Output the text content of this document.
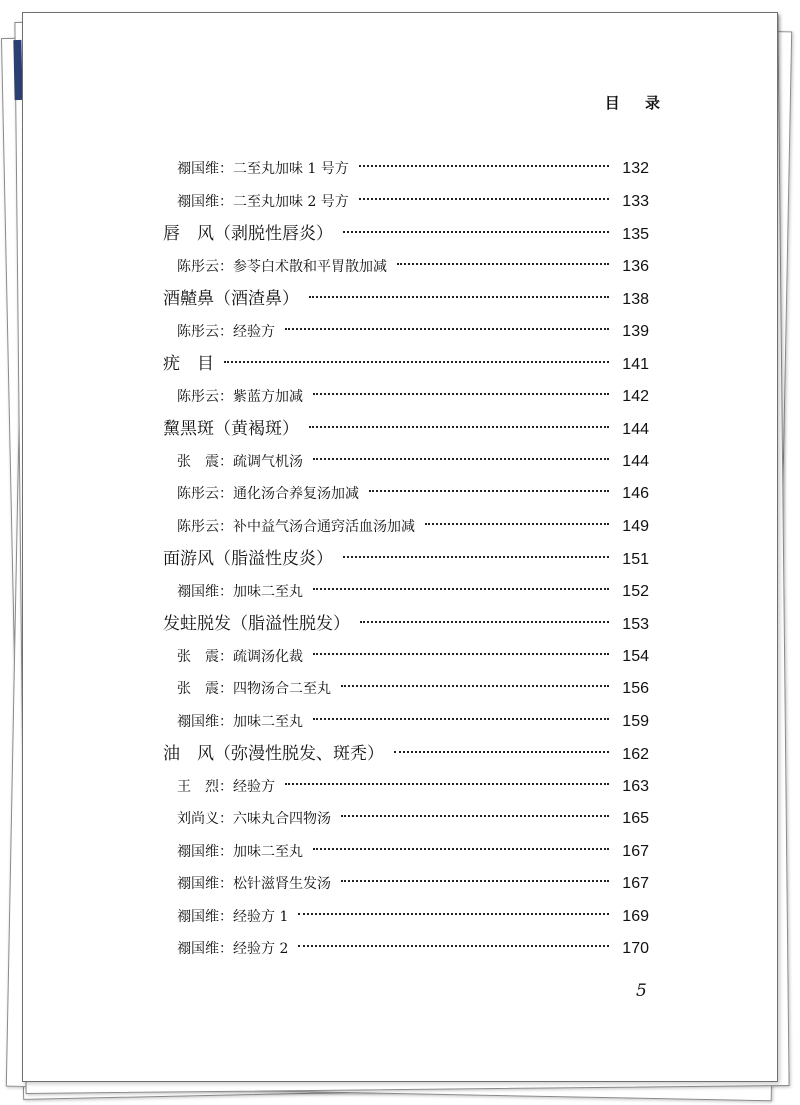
目 录
禤国维：二至丸加味 1 号方	132
禤国维：二至丸加味 2 号方	133
唇　风（剥脱性唇炎）	135
陈彤云：参苓白术散和平胃散加减	136
酒齄鼻（酒渣鼻）	138
陈彤云：经验方	139
疣　目	141
陈彤云：紫蓝方加减	142
黧黑斑（黄褐斑）	144
张　震：疏调气机汤	144
陈彤云：通化汤合养复汤加减	146
陈彤云：补中益气汤合通窍活血汤加减	149
面游风（脂溢性皮炎）	151
禤国维：加味二至丸	152
发蛀脱发（脂溢性脱发）	153
张　震：疏调汤化裁	154
张　震：四物汤合二至丸	156
禤国维：加味二至丸	159
油　风（弥漫性脱发、斑秃）	162
王　烈：经验方	163
刘尚义：六味丸合四物汤	165
禤国维：加味二至丸	167
禤国维：松针滋肾生发汤	167
禤国维：经验方 1	169
禤国维：经验方 2	170
5
